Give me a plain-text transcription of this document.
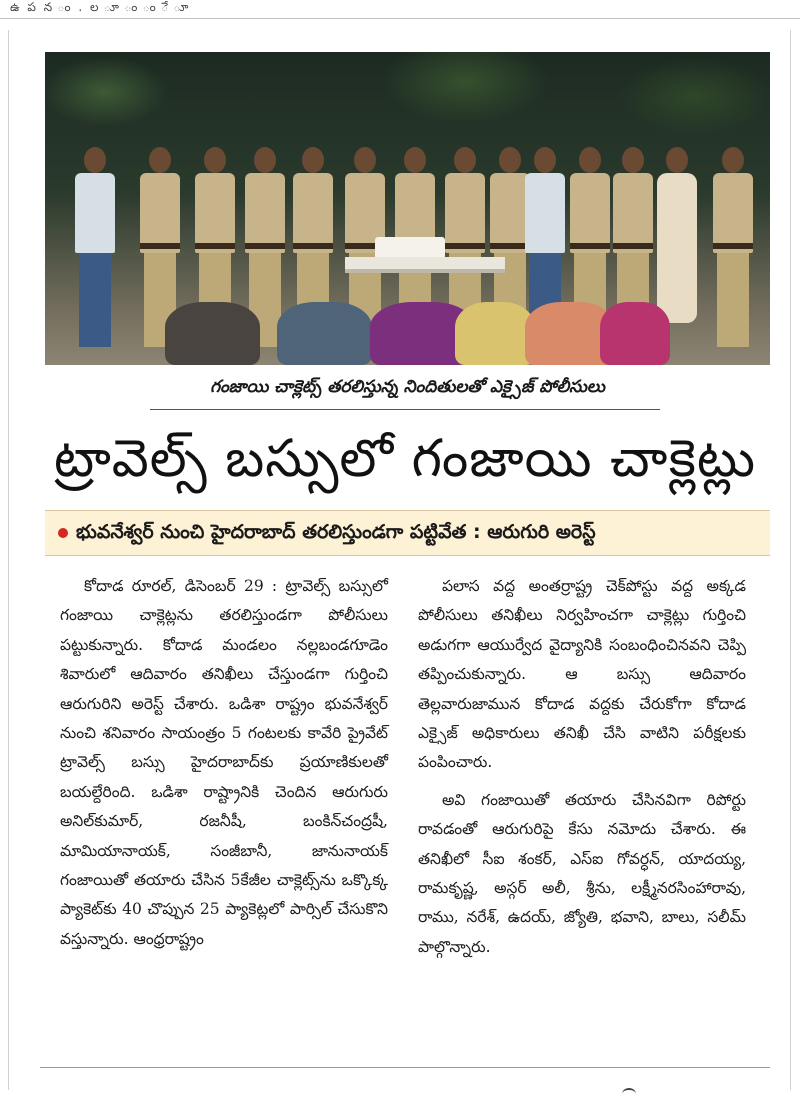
ఉ ప న ం . ల ూ ం ం ే ూ
గంజాయి చాక్లెట్స్ తరలిస్తున్న నిందితులతో ఎక్సైజ్ పోలీసులు
ట్రావెల్స్ బస్సులో గంజాయి చాక్లెట్లు
భువనేశ్వర్ నుంచి హైదరాబాద్ తరలిస్తుండగా పట్టివేత : ఆరుగురి అరెస్ట్

కోదాడ రూరల్, డిసెంబర్ 29 : ట్రావెల్స్ బస్సులో గంజాయి చాక్లెట్లను తరలిస్తుండగా పోలీసులు పట్టుకున్నారు. కోదాడ మండలం నల్లబండగూడెం శివారులో ఆదివారం తనిఖీలు చేస్తుండగా గుర్తించి ఆరుగురిని అరెస్ట్ చేశారు. ఒడిశా రాష్ట్రం భువనేశ్వర్ నుంచి శనివారం సాయంత్రం 5 గంటలకు కావేరి ప్రైవేట్ ట్రావెల్స్ బస్సు హైదరాబాద్‌కు ప్రయాణికులతో బయల్దేరింది. ఒడిశా రాష్ట్రానికి చెందిన ఆరుగురు అనిల్‌కుమార్, రజనీషీ, బంకిన్‌చంద్రషీ, మామియానాయక్, సంజీబానీ, జానునాయక్ గంజాయితో తయారు చేసిన 5కేజీల చాక్లెట్స్‌ను ఒక్కొక్క ప్యాకెట్‌కు 40 చొప్పున 25 ప్యాకెట్లలో పార్సిల్ చేసుకొని వస్తున్నారు. ఆంధ్రరాష్ట్రం

పలాస వద్ద అంతర్రాష్ట్ర చెక్‌పోస్టు వద్ద అక్కడ పోలీసులు తనిఖీలు నిర్వహించగా చాక్లెట్లు గుర్తించి అడుగగా ఆయుర్వేద వైద్యానికి సంబంధించినవని చెప్పి తప్పించుకున్నారు. ఆ బస్సు ఆదివారం తెల్లవారుజామున కోదాడ వద్దకు చేరుకోగా కోదాడ ఎక్సైజ్ అధికారులు తనిఖీ చేసి వాటిని పరీక్షలకు పంపించారు.

అవి గంజాయితో తయారు చేసినవిగా రిపోర్టు రావడంతో ఆరుగురిపై కేసు నమోదు చేశారు. ఈ తనిఖీలో సీఐ శంకర్, ఎస్‌ఐ గోవర్ధన్, యాదయ్య, రామకృష్ణ, అస్గర్ అలీ, శ్రీను, లక్ష్మీనరసింహారావు, రాము, నరేశ్, ఉదయ్, జ్యోతి, భవాని, బాలు, సలీమ్ పాల్గొన్నారు.
